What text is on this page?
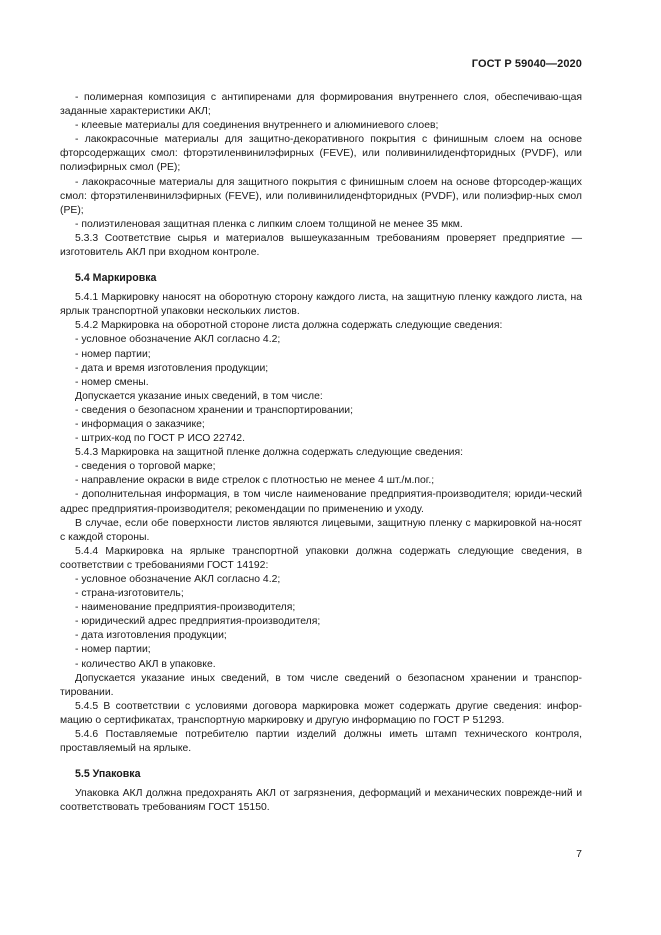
ГОСТ Р 59040—2020

- полимерная композиция с антипиренами для формирования внутреннего слоя, обеспечиваю-щая заданные характеристики АКЛ;

- клеевые материалы для соединения внутреннего и алюминиевого слоев;

- лакокрасочные материалы для защитно-декоративного покрытия с финишным слоем на основе фторсодержащих смол: фторэтиленвинилэфирных (FEVE), или поливинилиденфторидных (PVDF), или полиэфирных смол (PE);

- лакокрасочные материалы для защитного покрытия с финишным слоем на основе фторсодер-жащих смол: фторэтиленвинилэфирных (FEVE), или поливинилиденфторидных (PVDF), или полиэфир-ных смол (PE);

- полиэтиленовая защитная пленка с липким слоем толщиной не менее 35 мкм.

5.3.3 Соответствие сырья и материалов вышеуказанным требованиям проверяет предприятие — изготовитель АКЛ при входном контроле.

5.4 Маркировка

5.4.1 Маркировку наносят на оборотную сторону каждого листа, на защитную пленку каждого листа, на ярлык транспортной упаковки нескольких листов.

5.4.2 Маркировка на оборотной стороне листа должна содержать следующие сведения:

- условное обозначение АКЛ согласно 4.2;

- номер партии;

- дата и время изготовления продукции;

- номер смены.

Допускается указание иных сведений, в том числе:

- сведения о безопасном хранении и транспортировании;

- информация о заказчике;

- штрих-код по ГОСТ Р ИСО 22742.

5.4.3 Маркировка на защитной пленке должна содержать следующие сведения:

- сведения о торговой марке;

- направление окраски в виде стрелок с плотностью не менее 4 шт./м.пог.;

- дополнительная информация, в том числе наименование предприятия-производителя; юриди-ческий адрес предприятия-производителя; рекомендации по применению и уходу.

В случае, если обе поверхности листов являются лицевыми, защитную пленку с маркировкой на-носят с каждой стороны.

5.4.4 Маркировка на ярлыке транспортной упаковки должна содержать следующие сведения, в соответствии с требованиями ГОСТ 14192:

- условное обозначение АКЛ согласно 4.2;

- страна-изготовитель;

- наименование предприятия-производителя;

- юридический адрес предприятия-производителя;

- дата изготовления продукции;

- номер партии;

- количество АКЛ в упаковке.

Допускается указание иных сведений, в том числе сведений о безопасном хранении и транспор-тировании.

5.4.5 В соответствии с условиями договора маркировка может содержать другие сведения: инфор-мацию о сертификатах, транспортную маркировку и другую информацию по ГОСТ Р 51293.

5.4.6 Поставляемые потребителю партии изделий должны иметь штамп технического контроля, проставляемый на ярлыке.

5.5 Упаковка

Упаковка АКЛ должна предохранять АКЛ от загрязнения, деформаций и механических поврежде-ний и соответствовать требованиям ГОСТ 15150.

7
